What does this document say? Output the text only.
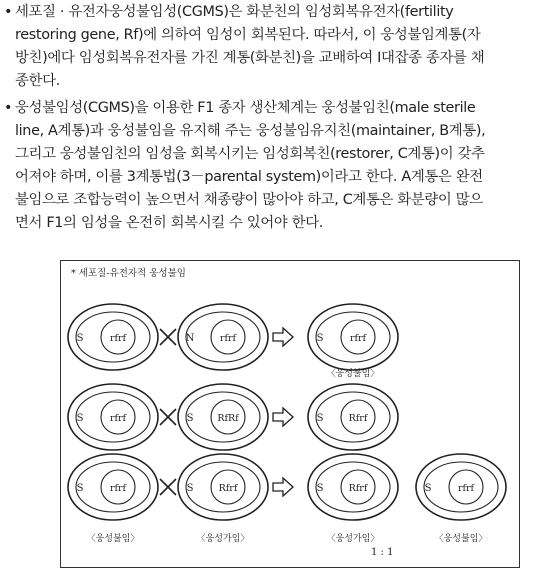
• 세포질 · 유전자웅성불임성(CGMS)은 화분친의 임성회복유전자(fertility
restoring gene, Rf)에 의하여 임성이 회복된다. 따라서, 이 웅성불임계통(자
방친)에다 임성회복유전자를 가진 계통(화분친)을 교배하여 I대잡종 종자를 채
종한다.
• 웅성불임성(CGMS)을 이용한 F1 종자 생산체계는 웅성불임친(male sterile
line, A계통)과 웅성불임을 유지해 주는 웅성불임유지친(maintainer, B계통),
그리고 웅성불임친의 임성을 회복시키는 임성회복친(restorer, C계통)이 갖추
어져야 하며, 이를 3계통법(3－parental system)이라고 한다. A계통은 완전
불임으로 조합능력이 높으면서 채종량이 많아야 하고, C계통은 화분량이 많으
면서 F1의 임성을 온전히 회복시킬 수 있어야 한다.
* 세포질-유전자적 웅성불임
S	rfrf	N	rfrf	S	rfrf
〈웅성불임〉
S	rfrf	S	RfRf	S	Rfrf
S	rfrf	S	Rfrf	S	Rfrf
〈웅성가임〉
S	rfrf
〈웅성불임〉
〈웅성불임〉	〈웅성가임〉
1 : 1
